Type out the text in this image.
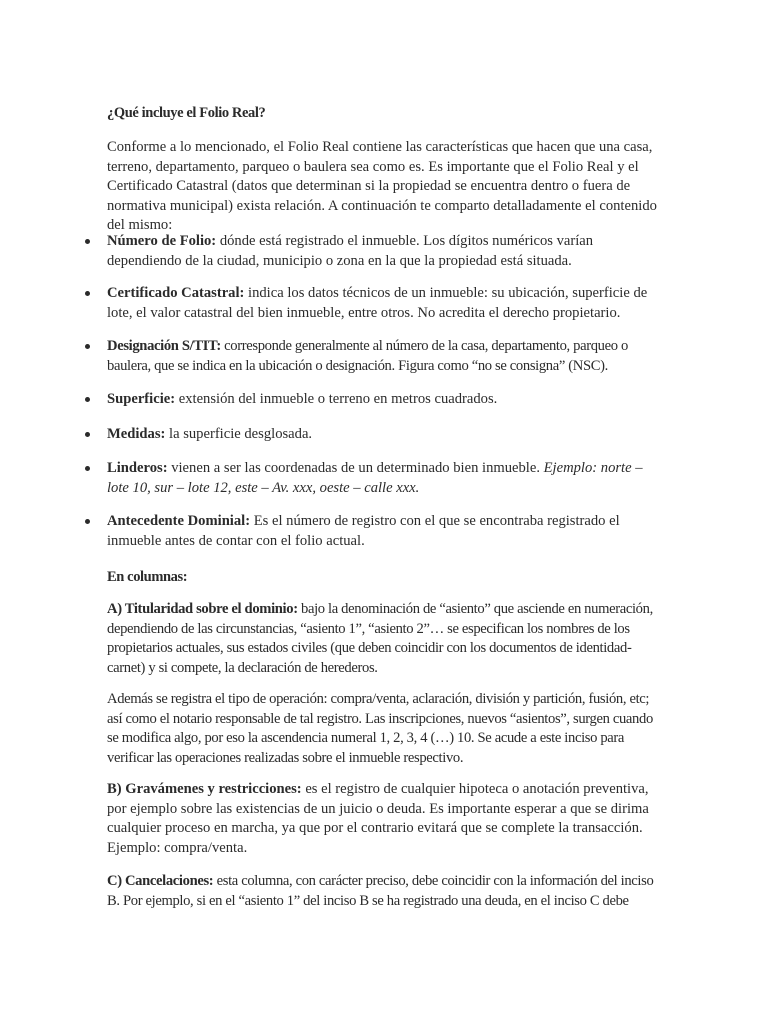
¿Qué incluye el Folio Real?

Conforme a lo mencionado, el Folio Real contiene las características que hacen que una casa, terreno, departamento, parqueo o baulera sea como es. Es importante que el Folio Real y el Certificado Catastral (datos que determinan si la propiedad se encuentra dentro o fuera de normativa municipal) exista relación. A continuación te comparto detalladamente el contenido del mismo:

Número de Folio: dónde está registrado el inmueble. Los dígitos numéricos varían dependiendo de la ciudad, municipio o zona en la que la propiedad está situada.
Certificado Catastral: indica los datos técnicos de un inmueble: su ubicación, superficie de lote, el valor catastral del bien inmueble, entre otros. No acredita el derecho propietario.
Designación S/TIT: corresponde generalmente al número de la casa, departamento, parqueo o baulera, que se indica en la ubicación o designación. Figura como “no se consigna” (NSC).
Superficie: extensión del inmueble o terreno en metros cuadrados.
Medidas: la superficie desglosada.
Linderos: vienen a ser las coordenadas de un determinado bien inmueble. Ejemplo: norte – lote 10, sur – lote 12, este – Av. xxx, oeste – calle xxx.
Antecedente Dominial: Es el número de registro con el que se encontraba registrado el inmueble antes de contar con el folio actual.
En columnas:

A) Titularidad sobre el dominio: bajo la denominación de “asiento” que asciende en numeración, dependiendo de las circunstancias, “asiento 1”, “asiento 2”… se especifican los nombres de los propietarios actuales, sus estados civiles (que deben coincidir con los documentos de identidad-carnet) y si compete, la declaración de herederos.

Además se registra el tipo de operación: compra/venta, aclaración, división y partición, fusión, etc; así como el notario responsable de tal registro. Las inscripciones, nuevos “asientos”, surgen cuando se modifica algo, por eso la ascendencia numeral 1, 2, 3, 4 (…) 10. Se acude a este inciso para verificar las operaciones realizadas sobre el inmueble respectivo.

B) Gravámenes y restricciones: es el registro de cualquier hipoteca o anotación preventiva, por ejemplo sobre las existencias de un juicio o deuda. Es importante esperar a que se dirima cualquier proceso en marcha, ya que por el contrario evitará que se complete la transacción. Ejemplo: compra/venta.

C) Cancelaciones: esta columna, con carácter preciso, debe coincidir con la información del inciso B. Por ejemplo, si en el “asiento 1” del inciso B se ha registrado una deuda, en el inciso C debe
